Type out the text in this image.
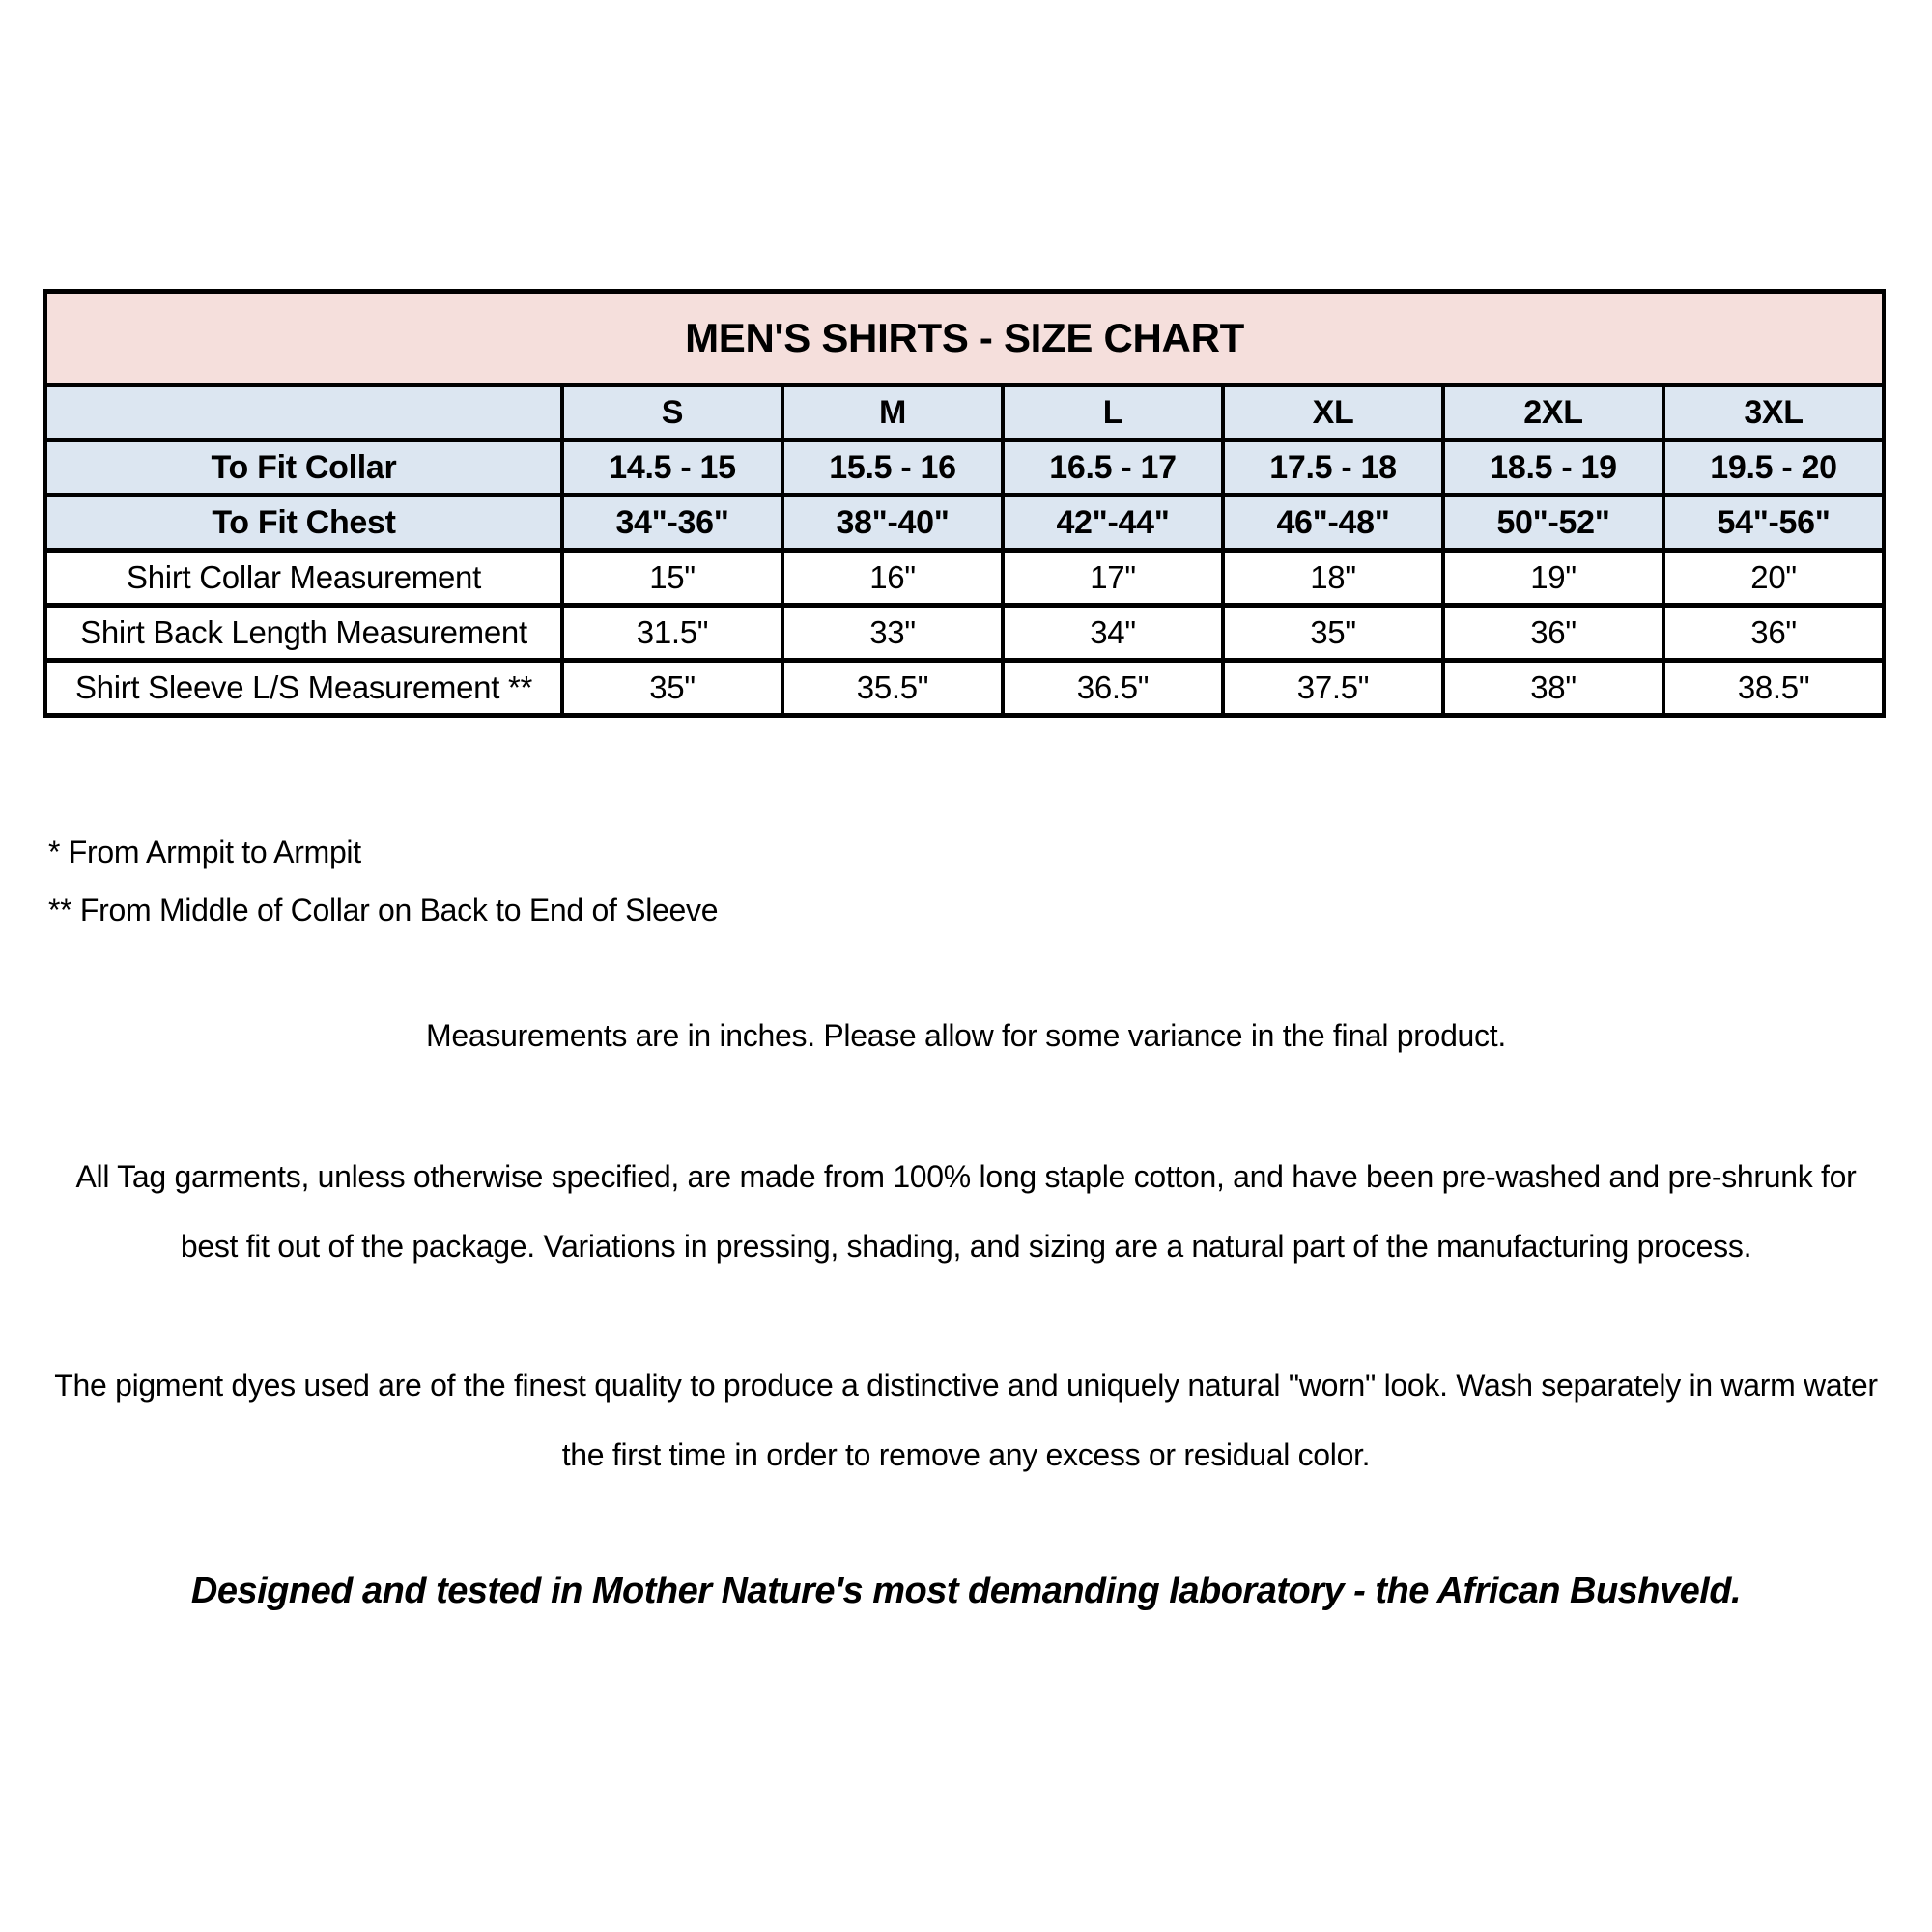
MEN'S SHIRTS - SIZE CHART						
	S	M	L	XL	2XL	3XL
To Fit Collar	14.5 - 15	15.5 - 16	16.5 - 17	17.5 - 18	18.5 - 19	19.5 - 20
To Fit Chest	34"-36"	38"-40"	42"-44"	46"-48"	50"-52"	54"-56"
Shirt Collar Measurement	15"	16"	17"	18"	19"	20"
Shirt Back Length Measurement	31.5"	33"	34"	35"	36"	36"
Shirt Sleeve L/S Measurement **	35"	35.5"	36.5"	37.5"	38"	38.5"
* From Armpit to Armpit
** From Middle of Collar on Back to End of Sleeve
Measurements are in inches. Please allow for some variance in the final product.
All Tag garments, unless otherwise specified, are made from 100% long staple cotton, and have been pre-washed and pre-shrunk for best fit out of the package. Variations in pressing, shading, and sizing are a natural part of the manufacturing process.
The pigment dyes used are of the finest quality to produce a distinctive and uniquely natural "worn" look. Wash separately in warm water the first time in order to remove any excess or residual color.
Designed and tested in Mother Nature's most demanding laboratory - the African Bushveld.
